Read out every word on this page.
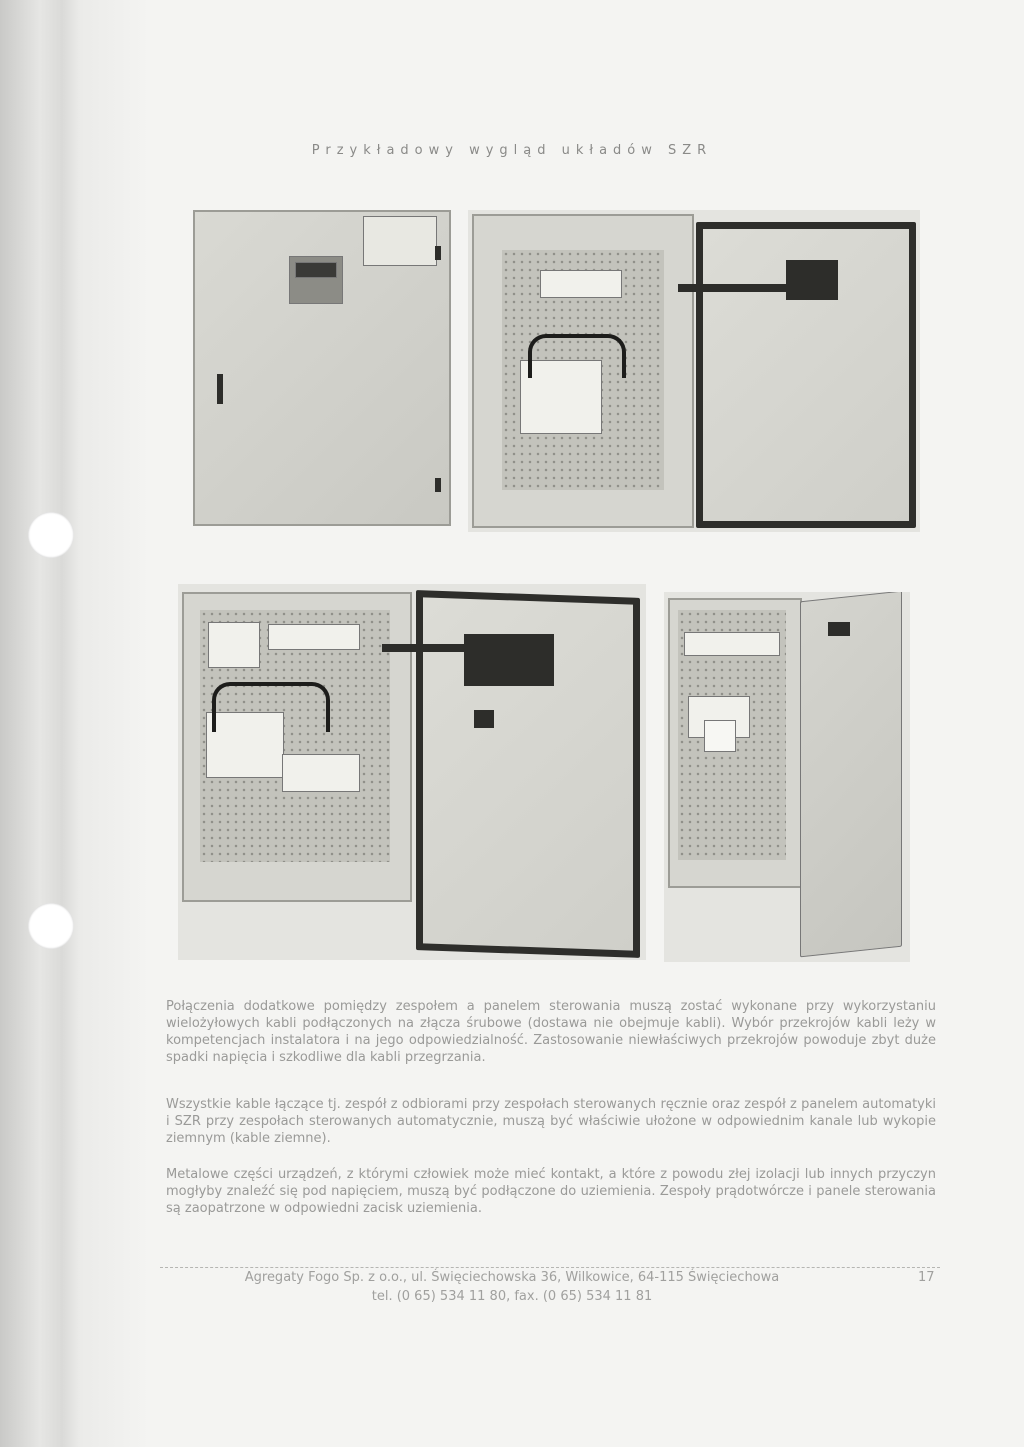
Przykładowy wygląd układów SZR
Połączenia dodatkowe pomiędzy zespołem a panelem sterowania muszą zostać wykonane przy wykorzystaniu wielożyłowych kabli podłączonych na złącza śrubowe (dostawa nie obejmuje kabli). Wybór przekrojów kabli leży w kompetencjach instalatora i na jego odpowiedzialność. Zastosowanie niewłaściwych przekrojów powoduje zbyt duże spadki napięcia i szkodliwe dla kabli przegrzania.
Wszystkie kable łączące tj. zespół z odbiorami przy zespołach sterowanych ręcznie oraz zespół z panelem automatyki i SZR przy zespołach sterowanych automatycznie, muszą być właściwie ułożone w odpowiednim kanale lub wykopie ziemnym (kable ziemne).
Metalowe części urządzeń, z którymi człowiek może mieć kontakt, a które z powodu złej izolacji lub innych przyczyn mogłyby znaleźć się pod napięciem, muszą być podłączone do uziemienia. Zespoły prądotwórcze i panele sterowania są zaopatrzone w odpowiedni zacisk uziemienia.
Agregaty Fogo Sp. z o.o., ul. Święciechowska 36, Wilkowice, 64-115 Święciechowa
tel. (0 65) 534 11 80, fax. (0 65) 534 11 81
17
